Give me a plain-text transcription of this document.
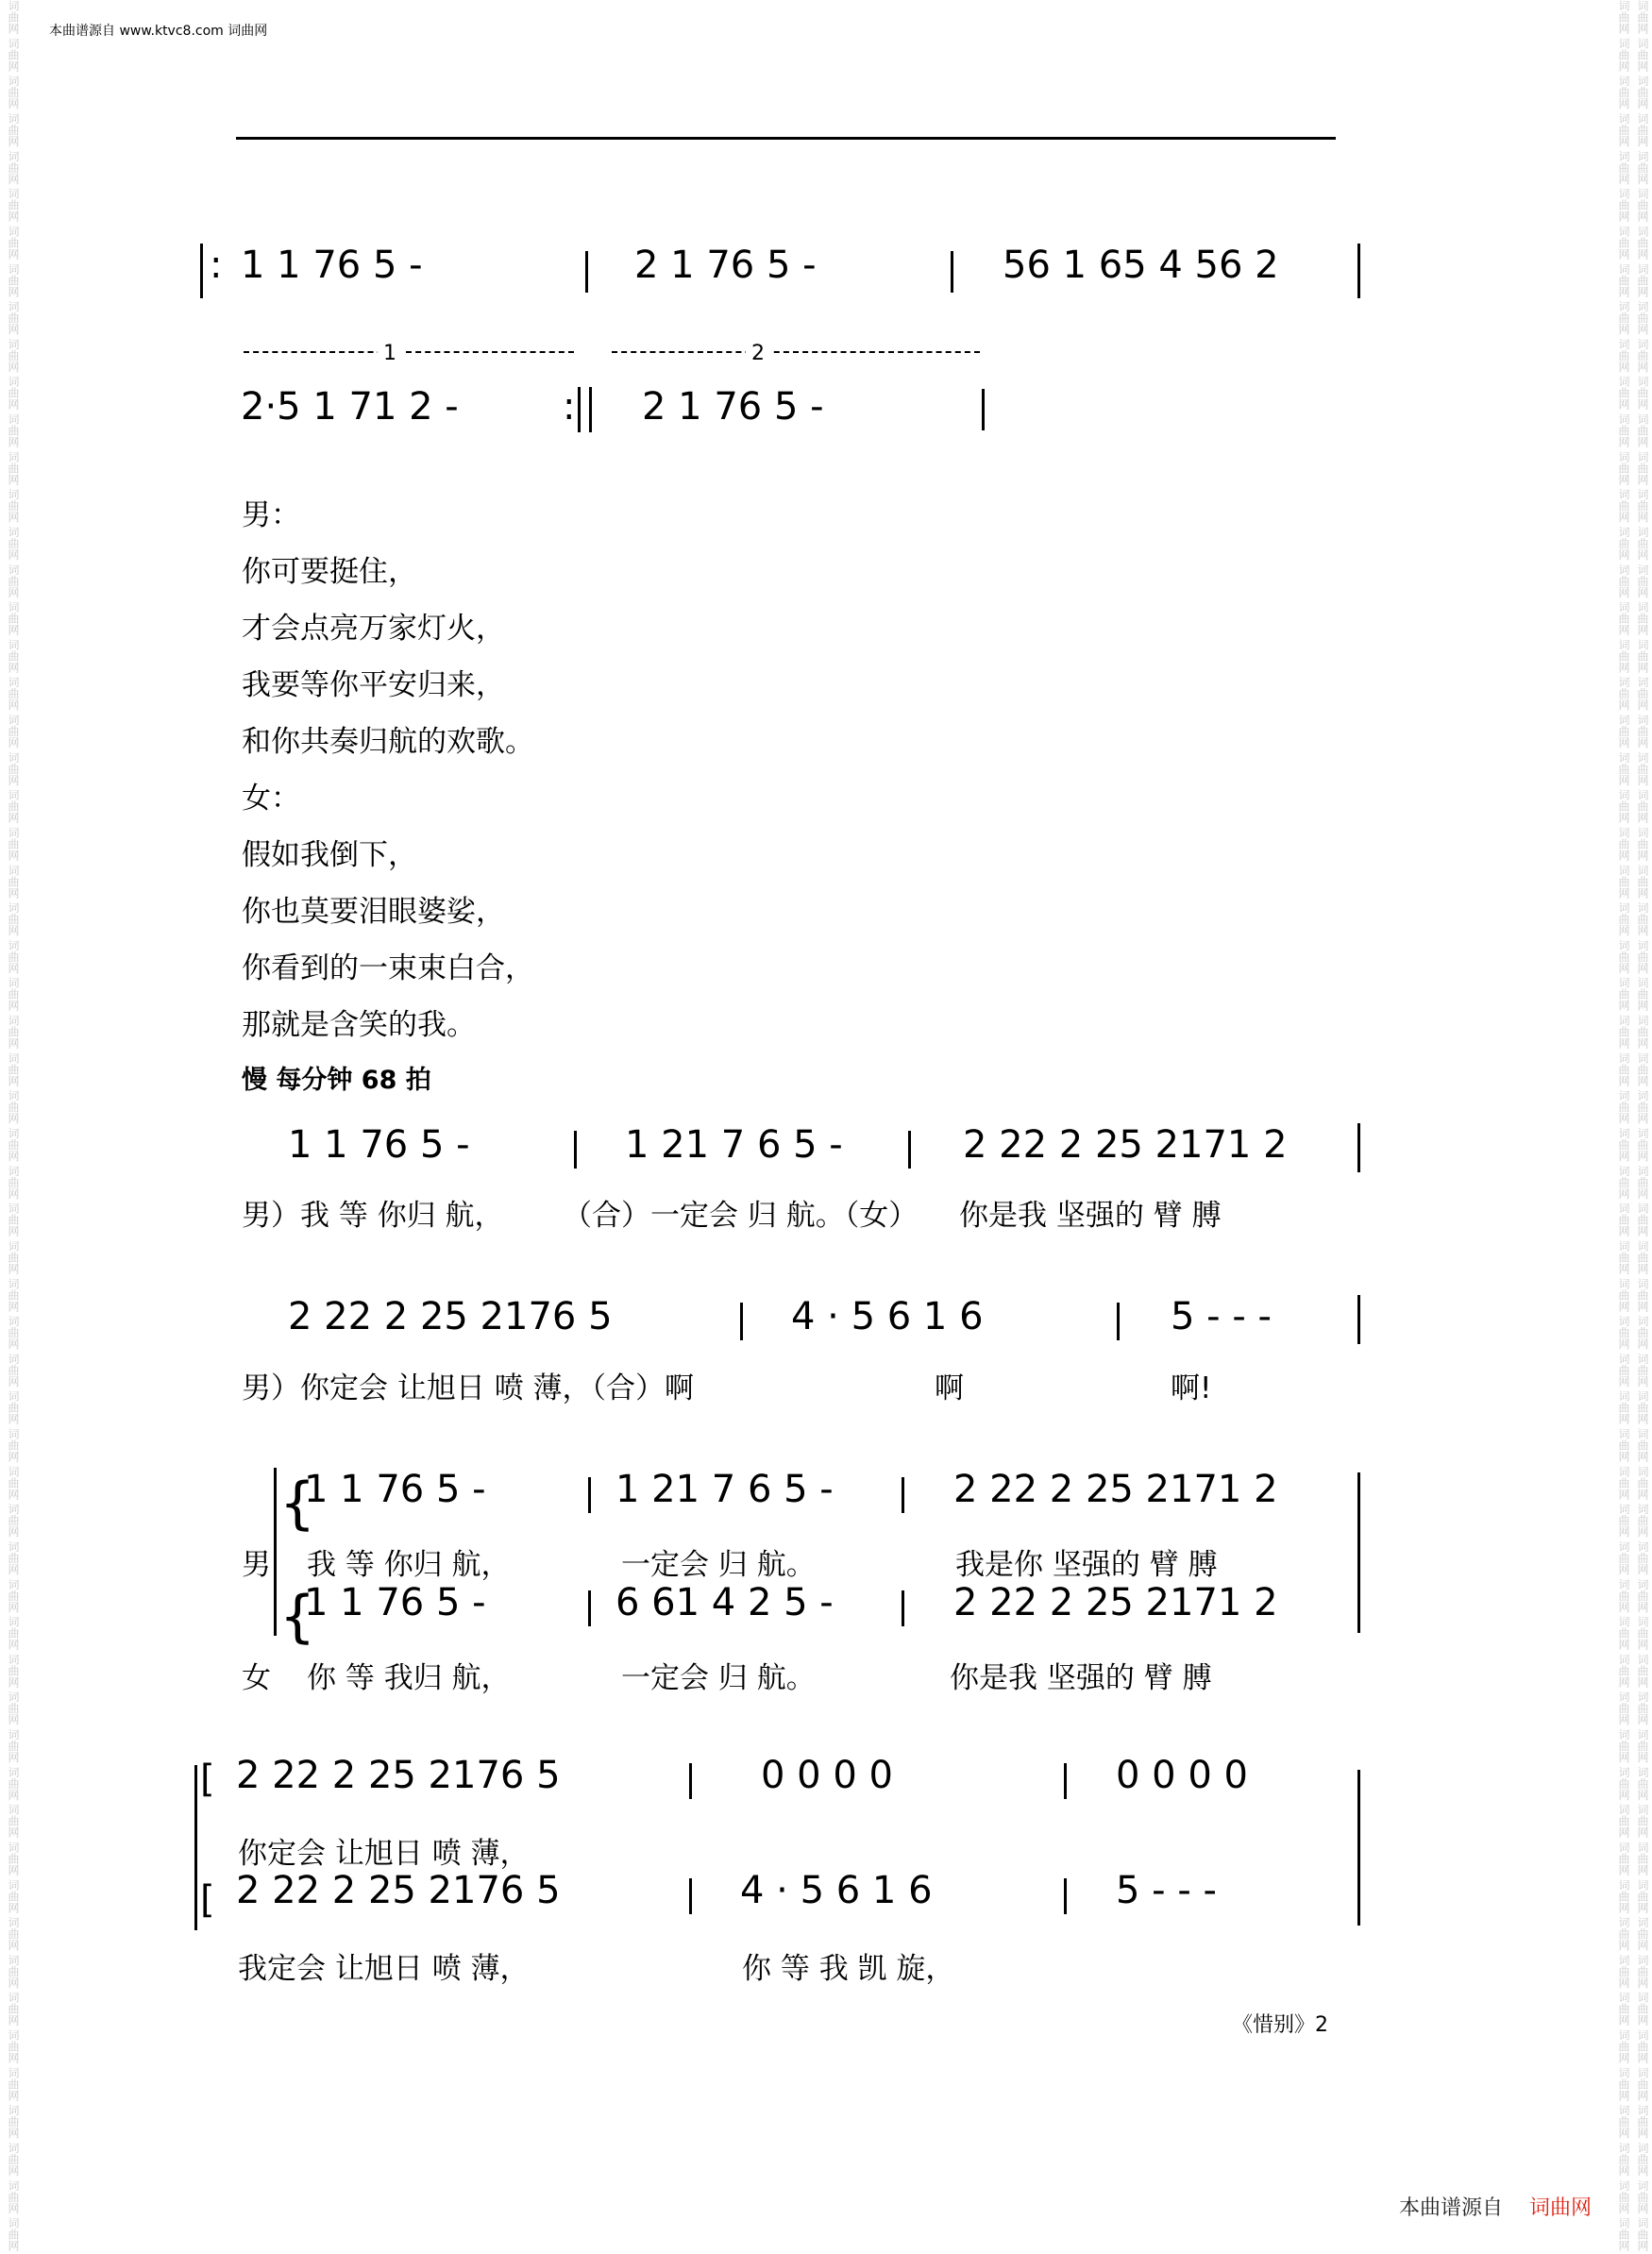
词曲网 词曲网 词曲网 词曲网 词曲网 词曲网 词曲网 词曲网 词曲网 词曲网 词曲网 词曲网 词曲网 词曲网 词曲网 词曲网 词曲网 词曲网 词曲网 词曲网 词曲网 词曲网 词曲网 词曲网 词曲网 词曲网 词曲网 词曲网 词曲网 词曲网 词曲网 词曲网 词曲网 词曲网 词曲网 词曲网 词曲网 词曲网 词曲网 词曲网 词曲网 词曲网 词曲网 词曲网 词曲网 词曲网 词曲网 词曲网 词曲网 词曲网 词曲网 词曲网 词曲网 词曲网 词曲网 词曲网 词曲网 词曲网 词曲网 词曲网	词曲网 词曲网 词曲网 词曲网 词曲网 词曲网 词曲网 词曲网 词曲网 词曲网 词曲网 词曲网 词曲网 词曲网 词曲网 词曲网 词曲网 词曲网 词曲网 词曲网 词曲网 词曲网 词曲网 词曲网 词曲网 词曲网 词曲网 词曲网 词曲网 词曲网 词曲网 词曲网 词曲网 词曲网 词曲网 词曲网 词曲网 词曲网 词曲网 词曲网 词曲网 词曲网 词曲网 词曲网 词曲网 词曲网 词曲网 词曲网 词曲网 词曲网 词曲网 词曲网 词曲网 词曲网 词曲网 词曲网 词曲网 词曲网 词曲网 词曲网 词曲网 词曲网 词曲网 词曲网 词曲网 词曲网 词曲网 词曲网 词曲网 词曲网 词曲网 词曲网 词曲网 词曲网 词曲网 词曲网 词曲网 词曲网 词曲网 词曲网 词曲网 词曲网 词曲网 词曲网 词曲网 词曲网 词曲网 词曲网 词曲网 词曲网 词曲网 词曲网 词曲网 词曲网 词曲网 词曲网 词曲网 词曲网 词曲网 词曲网 词曲网 词曲网 词曲网 词曲网 词曲网 词曲网 词曲网 词曲网 词曲网 词曲网 词曲网 词曲网 词曲网 词曲网 词曲网 词曲网 词曲网 词曲网 词曲网 词曲网
本曲谱源自 www.ktvc8.com 词曲网
: 1 1 76 5 -	2 1 76 5 -	56 1 65 4 56 2
1	2
2·5 1 71 2 -	: 2 1 76 5 -
男：
你可要挺住，
才会点亮万家灯火，
我要等你平安归来，
和你共奏归航的欢歌。
女：
假如我倒下，
你也莫要泪眼婆娑，
你看到的一束束白合，
那就是含笑的我。
慢 每分钟 68 拍
1 1 76 5 -	1 21 7 6 5 -	2 22 2 25 2171 2
男）我 等 你归 航， （合）一定会 归 航。（女） 你是我 坚强的 臂 膊
2 22 2 25 2176 5	4 · 5 6 1 6	5 - - -
男）你定会 让旭日 喷 薄，（合）啊	啊	啊!
{
1 1 76 5 -	1 21 7 6 5 -	2 22 2 25 2171 2
男 我 等 你归 航，	一定会 归 航。	我是你 坚强的 臂 膊
{
1 1 76 5 -	6 61 4 2 5 -	2 22 2 25 2171 2
女 你 等 我归 航，	一定会 归 航。	你是我 坚强的 臂 膊
[
[
2 22 2 25 2176 5	0 0 0 0	0 0 0 0
你定会 让旭日 喷 薄，
2 22 2 25 2176 5	4 · 5 6 1 6	5 - - -
我定会 让旭日 喷 薄，	你 等 我 凯 旋，
《惜别》2
本曲谱源自 词曲网
